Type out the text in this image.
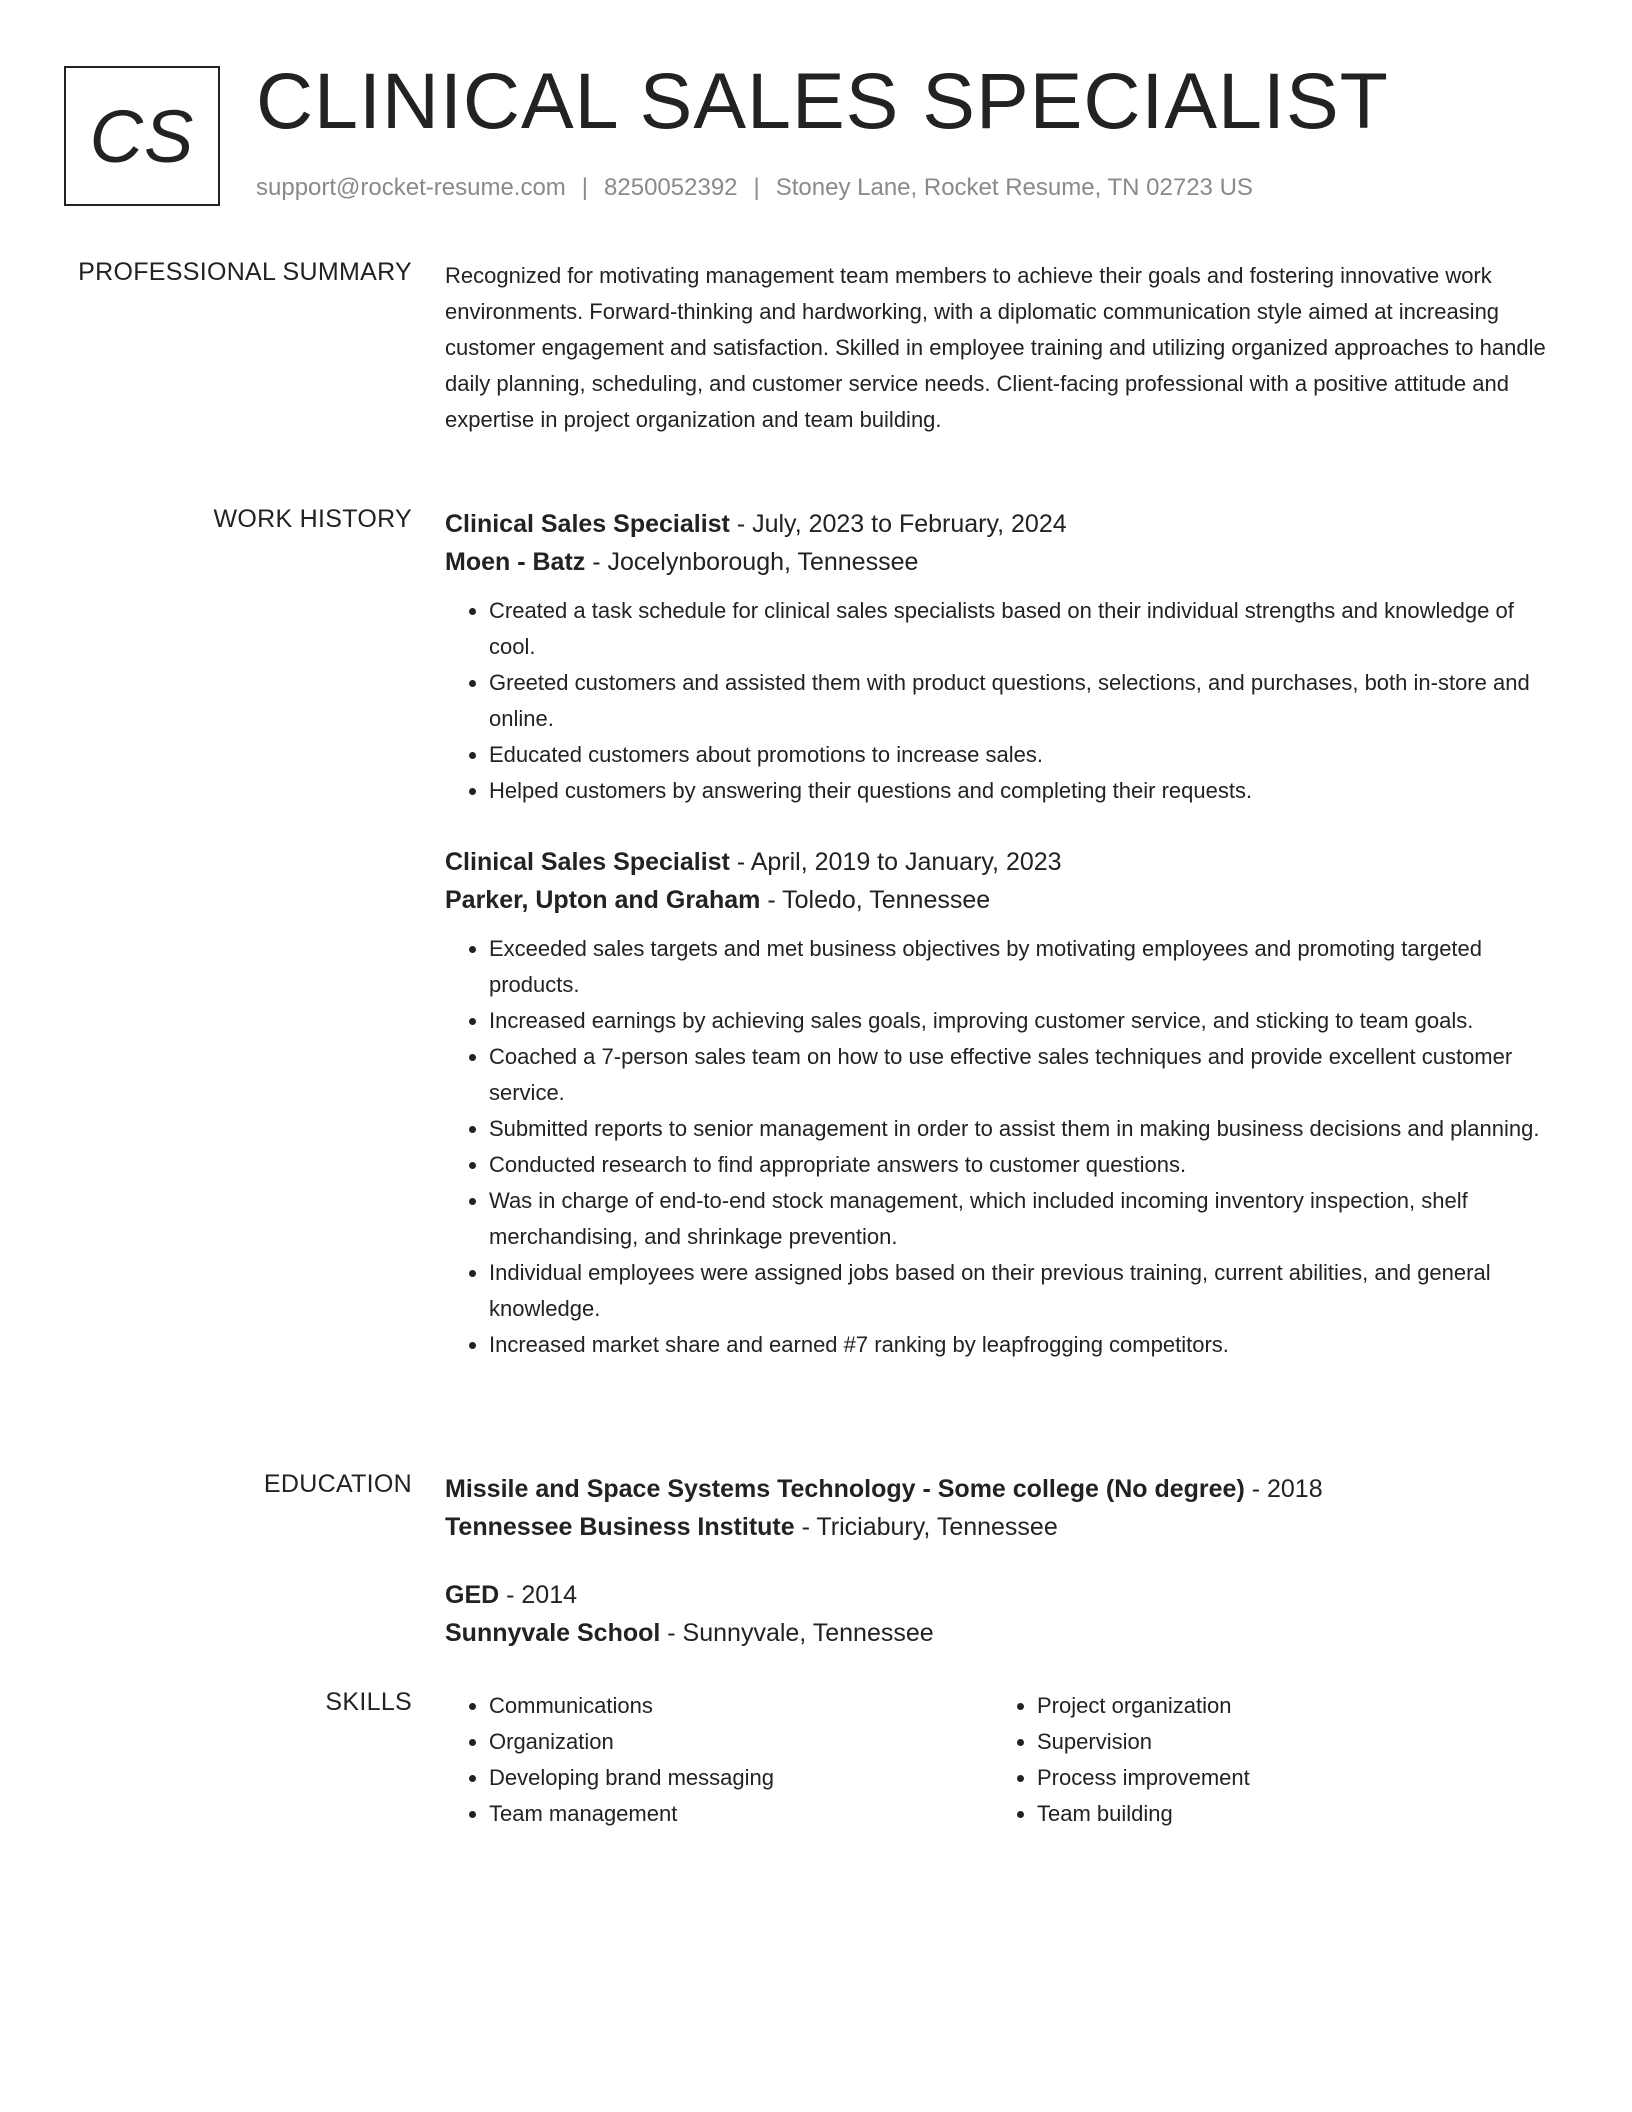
CS CLINICAL SALES SPECIALIST
support@rocket-resume.com | 8250052392 | Stoney Lane, Rocket Resume, TN 02723 US
PROFESSIONAL SUMMARY Recognized for motivating management team members to achieve their goals and fostering innovative work environments. Forward-thinking and hardworking, with a diplomatic communication style aimed at increasing customer engagement and satisfaction. Skilled in employee training and utilizing organized approaches to handle daily planning, scheduling, and customer service needs. Client-facing professional with a positive attitude and expertise in project organization and team building.

WORK HISTORY Clinical Sales Specialist - July, 2023 to February, 2024

Moen - Batz - Jocelynborough, Tennessee

• Created a task schedule for clinical sales specialists based on their individual strengths and knowledge of cool.
• Greeted customers and assisted them with product questions, selections, and purchases, both in-store and online.
• Educated customers about promotions to increase sales.
• Helped customers by answering their questions and completing their requests.

Clinical Sales Specialist - April, 2019 to January, 2023

Parker, Upton and Graham - Toledo, Tennessee

• Exceeded sales targets and met business objectives by motivating employees and promoting targeted products.
• Increased earnings by achieving sales goals, improving customer service, and sticking to team goals.
• Coached a 7-person sales team on how to use effective sales techniques and provide excellent customer service.
• Submitted reports to senior management in order to assist them in making business decisions and planning.
• Conducted research to find appropriate answers to customer questions.
• Was in charge of end-to-end stock management, which included incoming inventory inspection, shelf merchandising, and shrinkage prevention.
• Individual employees were assigned jobs based on their previous training, current abilities, and general knowledge.
• Increased market share and earned #7 ranking by leapfrogging competitors.
EDUCATION Missile and Space Systems Technology - Some college (No degree) - 2018

Tennessee Business Institute - Triciabury, Tennessee

GED - 2014

Sunnyvale School - Sunnyvale, Tennessee

SKILLS
•	Communications
• Organization
• Developing brand messaging
• Team management
• Project organization
• Supervision
• Process improvement
• Team building
